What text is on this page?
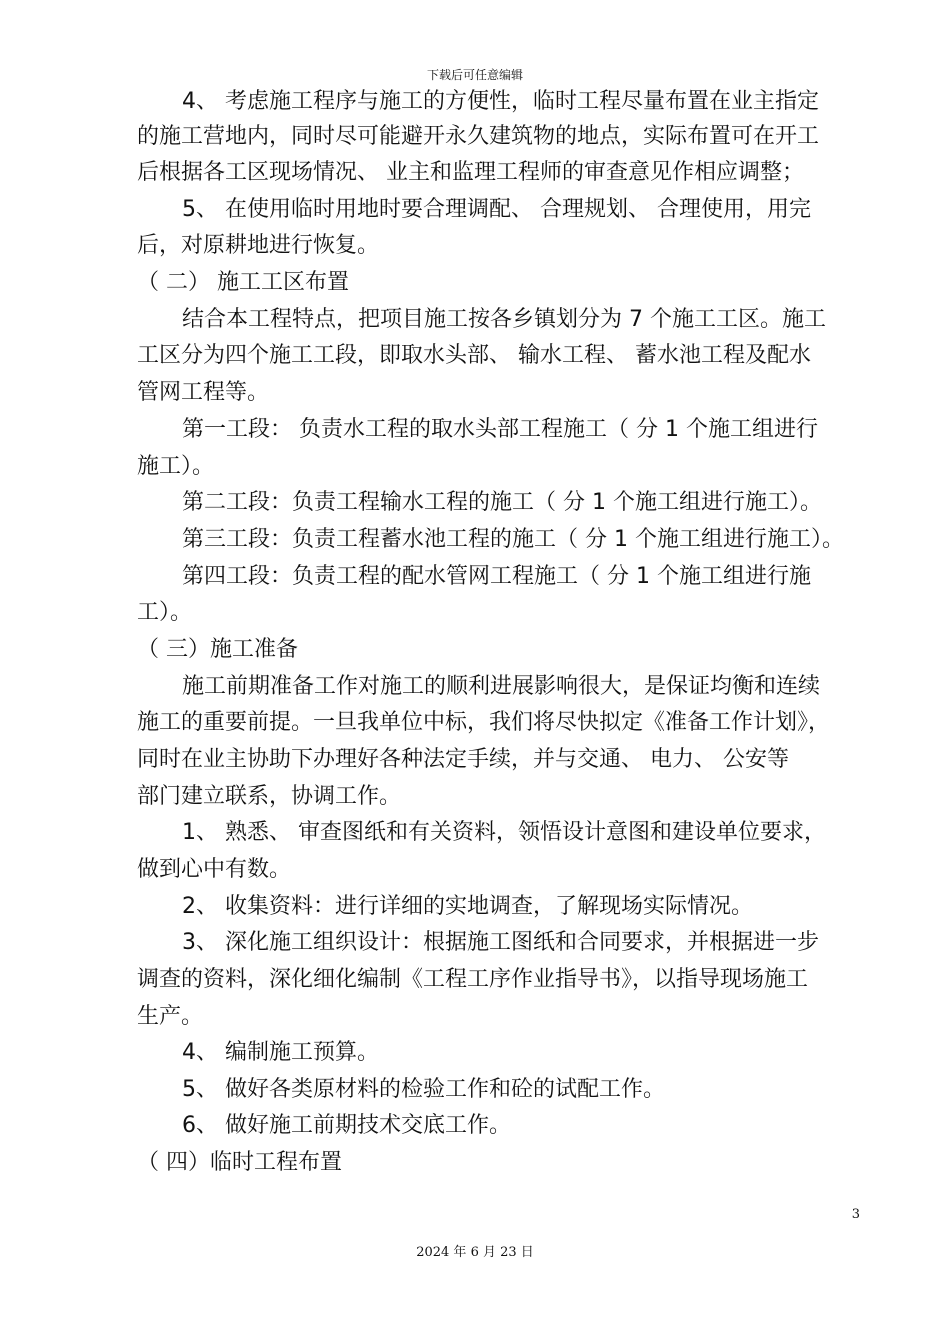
下载后可任意编辑
4、 考虑施工程序与施工的方便性，临时工程尽量布置在业主指定
的施工营地内，同时尽可能避开永久建筑物的地点，实际布置可在开工
后根据各工区现场情况、 业主和监理工程师的审查意见作相应调整；
5、 在使用临时用地时要合理调配、 合理规划、 合理使用，用完
后，对原耕地进行恢复。
（ 二） 施工工区布置
结合本工程特点，把项目施工按各乡镇划分为 7 个施工工区。施工
工区分为四个施工工段，即取水头部、 输水工程、 蓄水池工程及配水
管网工程等。
第一工段： 负责水工程的取水头部工程施工（ 分 1 个施工组进行
施工）。
第二工段：负责工程输水工程的施工（ 分 1 个施工组进行施工）。
第三工段：负责工程蓄水池工程的施工（ 分 1 个施工组进行施工）。
第四工段：负责工程的配水管网工程施工（ 分 1 个施工组进行施
工）。
（ 三）施工准备
施工前期准备工作对施工的顺利进展影响很大，是保证均衡和连续
施工的重要前提。一旦我单位中标，我们将尽快拟定《准备工作计划》，
同时在业主协助下办理好各种法定手续，并与交通、 电力、 公安等
部门建立联系，协调工作。
1、 熟悉、 审查图纸和有关资料，领悟设计意图和建设单位要求，
做到心中有数。
2、 收集资料：进行详细的实地调查，了解现场实际情况。
3、 深化施工组织设计：根据施工图纸和合同要求，并根据进一步
调查的资料，深化细化编制《工程工序作业指导书》，以指导现场施工
生产。
4、 编制施工预算。
5、 做好各类原材料的检验工作和砼的试配工作。
6、 做好施工前期技术交底工作。
（ 四）临时工程布置
3
2024 年 6 月 23 日
